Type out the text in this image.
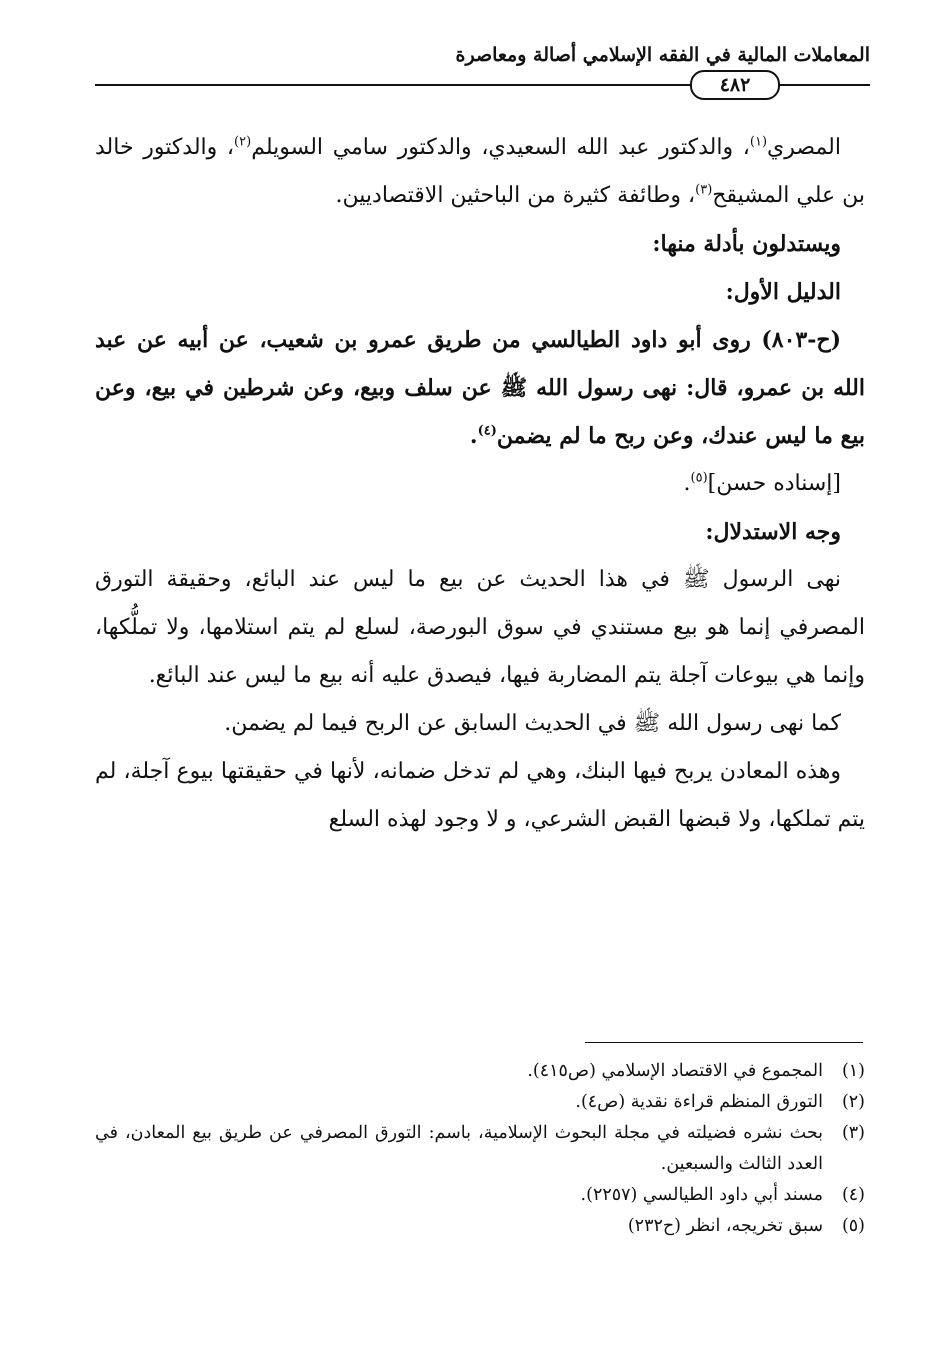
المعاملات المالية في الفقه الإسلامي أصالة ومعاصرة
٤٨٢

المصري$^{(١)}$، والدكتور عبد الله السعيدي، والدكتور سامي السويلم$^{(٢)}$، والدكتور خالد بن علي المشيقح$^{(٣)}$، وطائفة كثيرة من الباحثين الاقتصاديين.

ويستدلون بأدلة منها:

الدليل الأول:

(ح-٨٠٣) روى أبو داود الطيالسي من طريق عمرو بن شعيب، عن أبيه عن عبد الله بن عمرو، قال: نهى رسول الله ﷺ عن سلف وبيع، وعن شرطين في بيع، وعن بيع ما ليس عندك، وعن ربح ما لم يضمن$^{(٤)}$.

[إسناده حسن]$^{(٥)}$.

وجه الاستدلال:

نهى الرسول ﷺ في هذا الحديث عن بيع ما ليس عند البائع، وحقيقة التورق المصرفي إنما هو بيع مستندي في سوق البورصة، لسلع لم يتم استلامها، ولا تملُّكها، وإنما هي بيوعات آجلة يتم المضاربة فيها، فيصدق عليه أنه بيع ما ليس عند البائع.

كما نهى رسول الله ﷺ في الحديث السابق عن الربح فيما لم يضمن.

وهذه المعادن يربح فيها البنك، وهي لم تدخل ضمانه، لأنها في حقيقتها بيوع آجلة، لم يتم تملكها، ولا قبضها القبض الشرعي، و لا وجود لهذه السلع

(١)
المجموع في الاقتصاد الإسلامي (ص٤١٥).
(٢)
التورق المنظم قراءة نقدية (ص٤).
(٣)
بحث نشره فضيلته في مجلة البحوث الإسلامية، باسم: التورق المصرفي عن طريق بيع المعادن، في العدد الثالث والسبعين.
(٤)
مسند أبي داود الطيالسي (٢٢٥٧).
(٥)
سبق تخريجه، انظر (ح٢٣٢)
